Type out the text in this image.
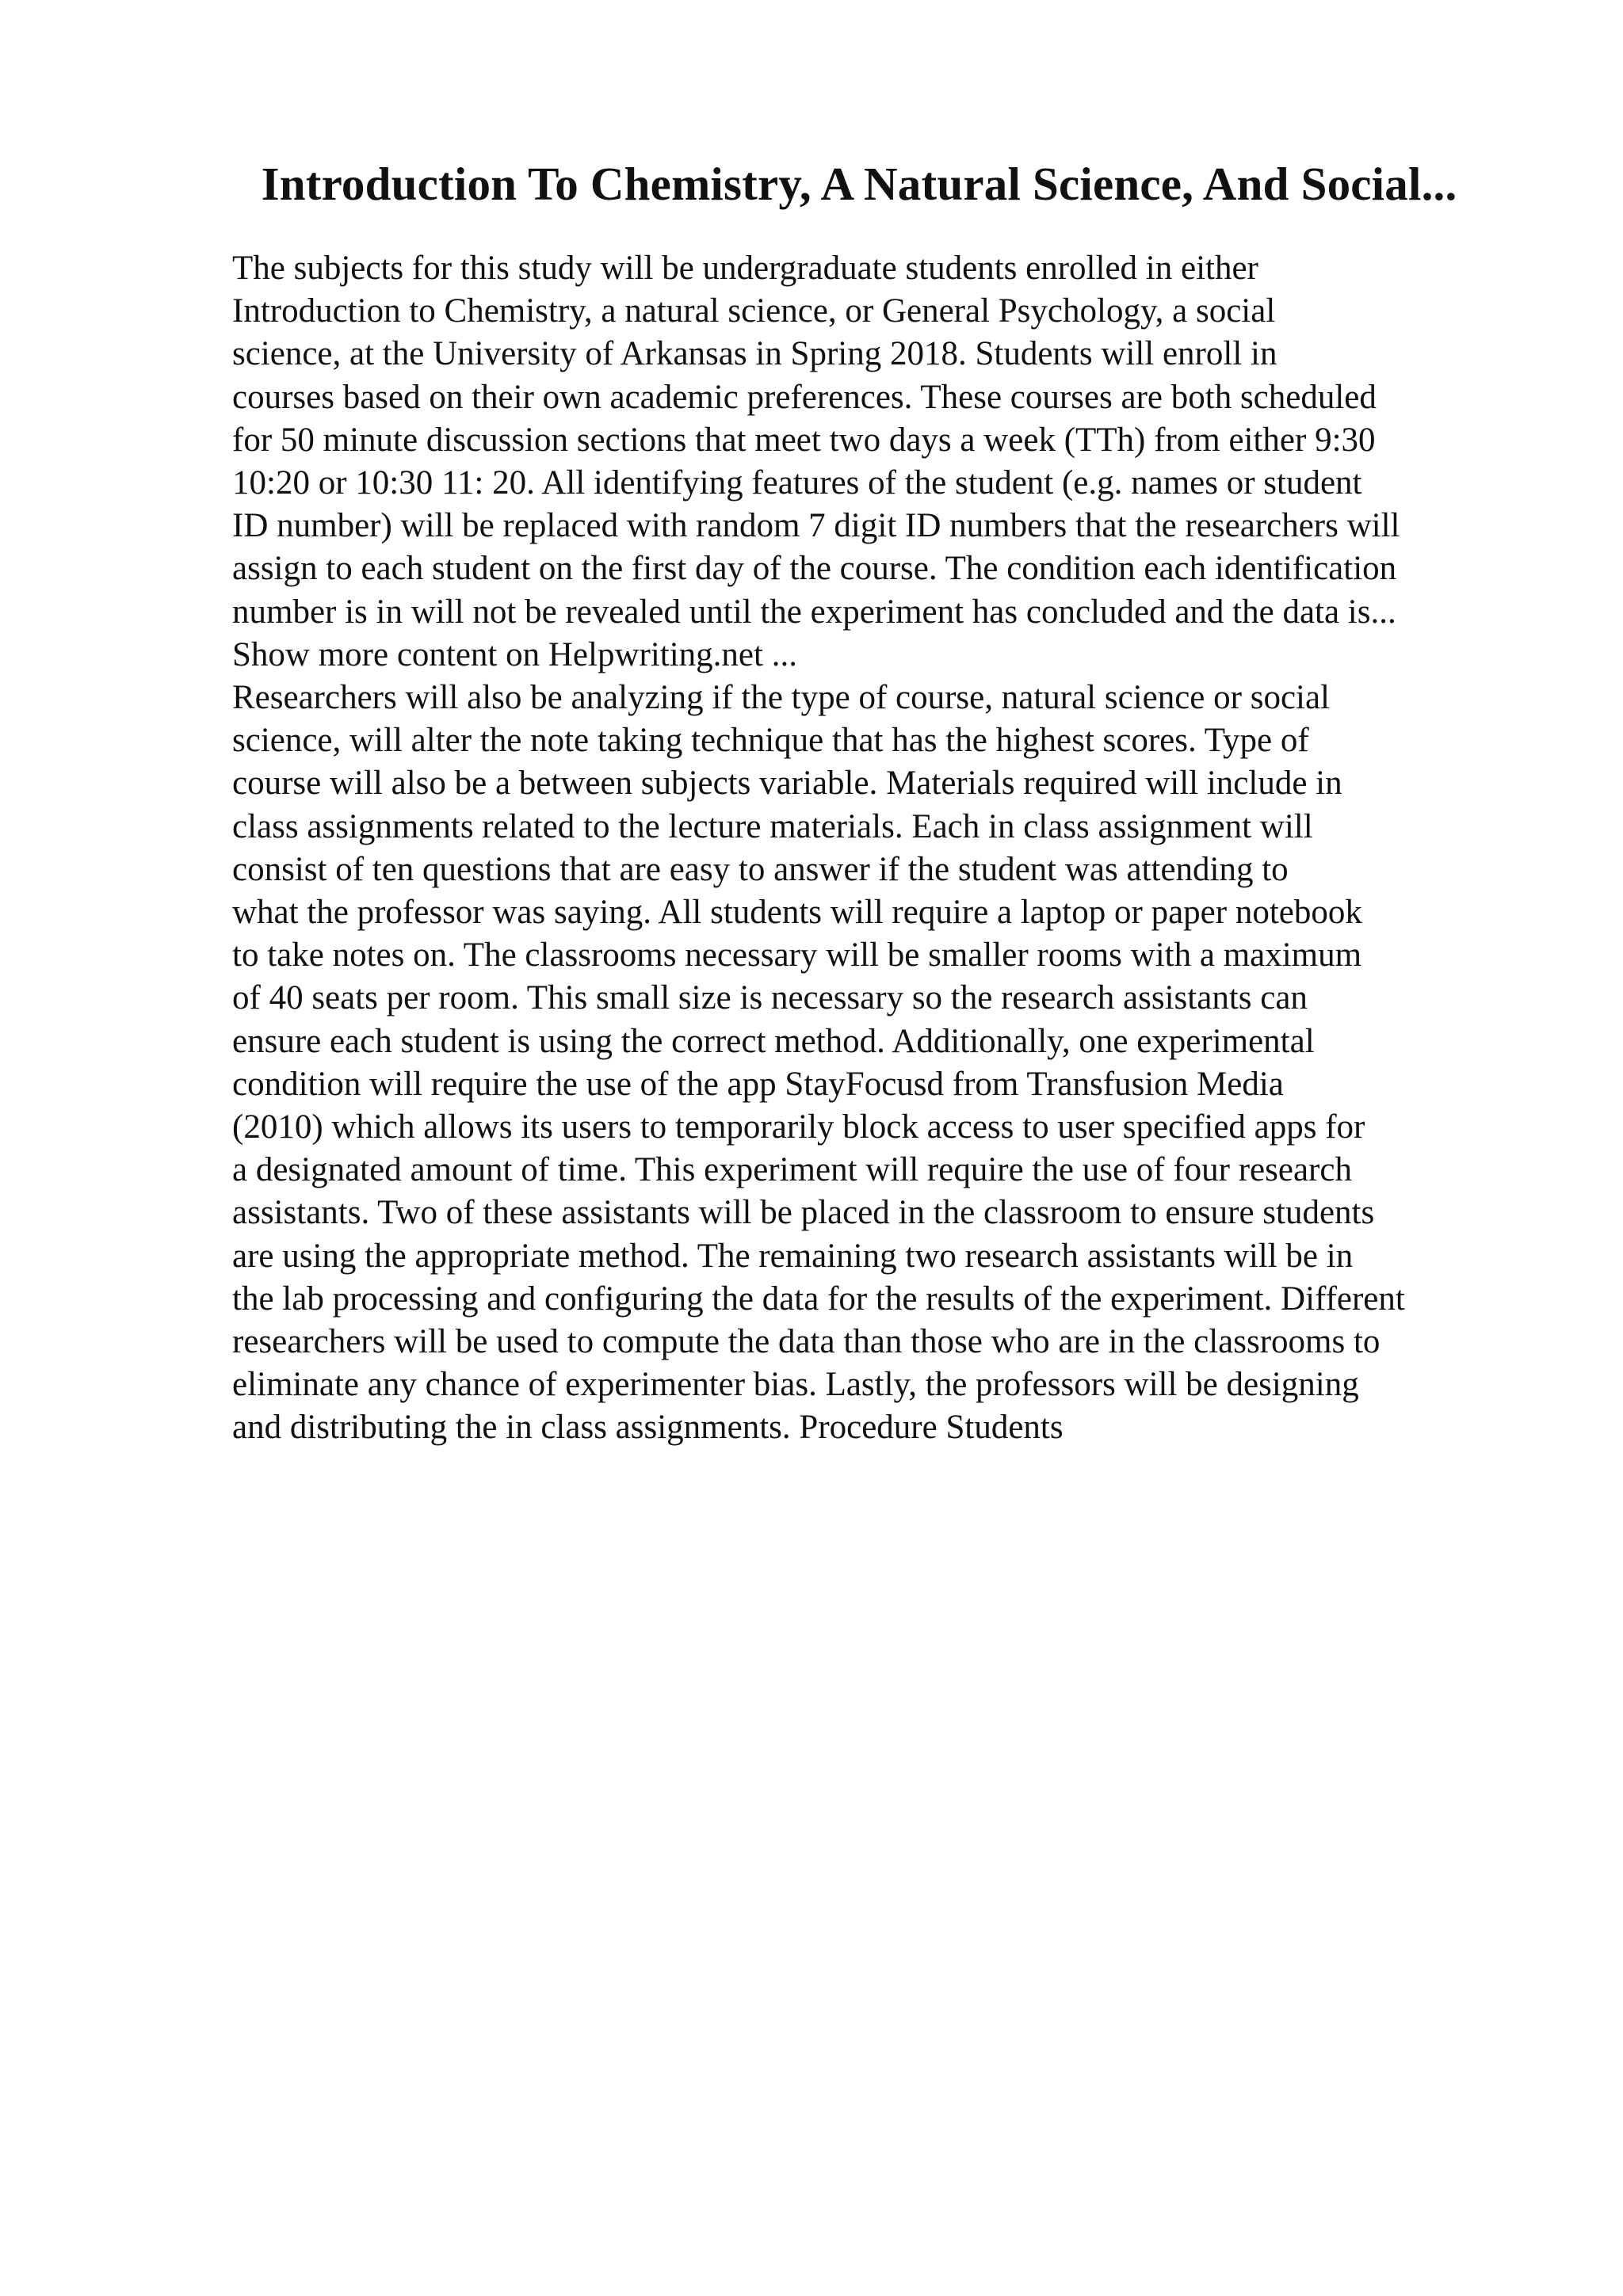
Introduction To Chemistry, A Natural Science, And Social...
The subjects for this study will be undergraduate students enrolled in either
Introduction to Chemistry, a natural science, or General Psychology, a social
science, at the University of Arkansas in Spring 2018. Students will enroll in
courses based on their own academic preferences. These courses are both scheduled
for 50 minute discussion sections that meet two days a week (TTh) from either 9:30
10:20 or 10:30 11: 20. All identifying features of the student (e.g. names or student
ID number) will be replaced with random 7 digit ID numbers that the researchers will
assign to each student on the first day of the course. The condition each identification
number is in will not be revealed until the experiment has concluded and the data is...
Show more content on Helpwriting.net ...
Researchers will also be analyzing if the type of course, natural science or social
science, will alter the note taking technique that has the highest scores. Type of
course will also be a between subjects variable. Materials required will include in
class assignments related to the lecture materials. Each in class assignment will
consist of ten questions that are easy to answer if the student was attending to
what the professor was saying. All students will require a laptop or paper notebook
to take notes on. The classrooms necessary will be smaller rooms with a maximum
of 40 seats per room. This small size is necessary so the research assistants can
ensure each student is using the correct method. Additionally, one experimental
condition will require the use of the app StayFocusd from Transfusion Media
(2010) which allows its users to temporarily block access to user specified apps for
a designated amount of time. This experiment will require the use of four research
assistants. Two of these assistants will be placed in the classroom to ensure students
are using the appropriate method. The remaining two research assistants will be in
the lab processing and configuring the data for the results of the experiment. Different
researchers will be used to compute the data than those who are in the classrooms to
eliminate any chance of experimenter bias. Lastly, the professors will be designing
and distributing the in class assignments. Procedure Students
